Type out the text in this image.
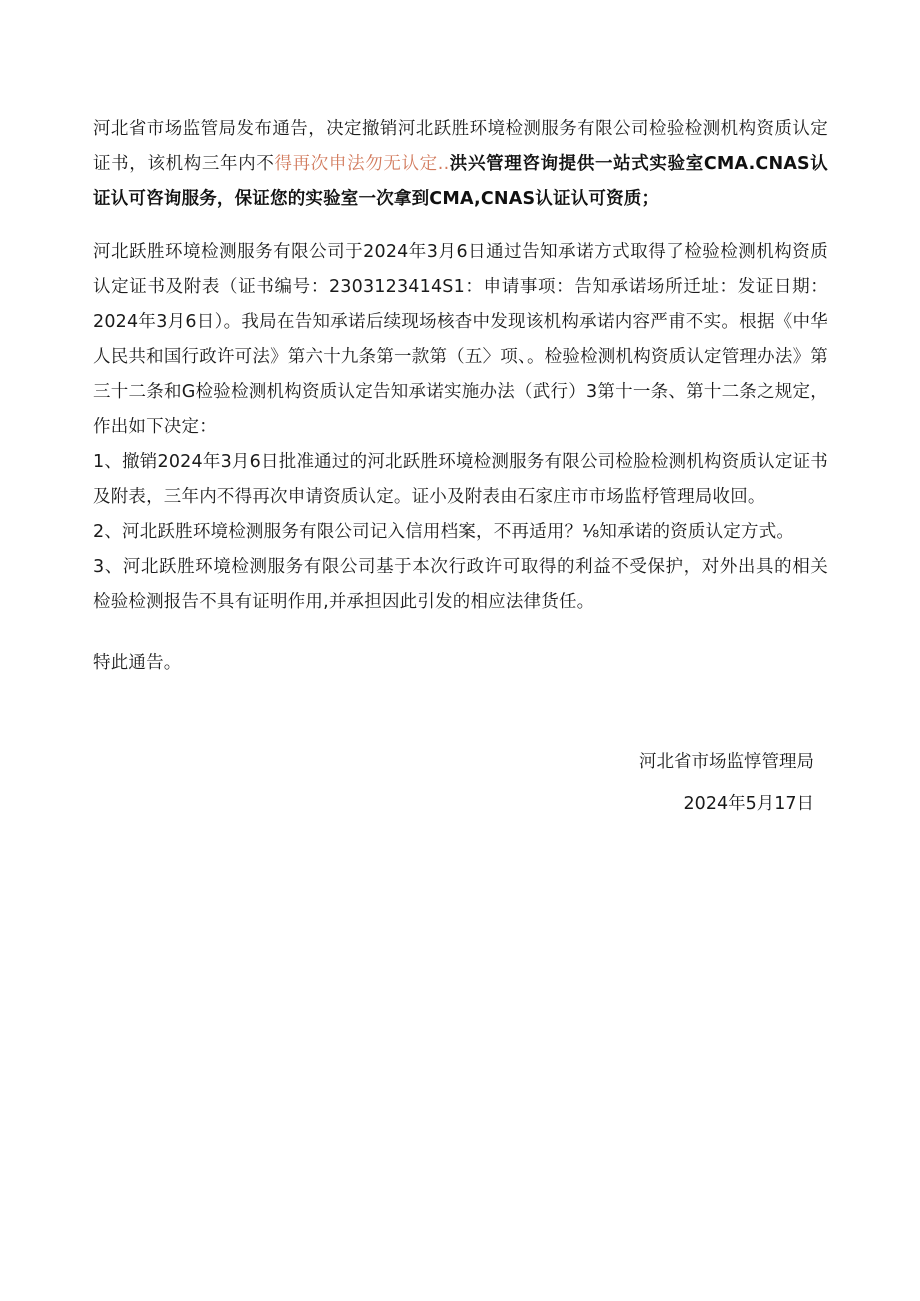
河北省市场监管局发布通告，决定撤销河北跃胜环境检测服务有限公司检验检测机构资质认定证书，该机构三年内不得再次申法勿无认定..洪兴管理咨询提供一站式实验室CMA.CNAS认证认可咨询服务，保证您的实验室一次拿到CMA,CNAS认证认可资质；

河北跃胜环境检测服务有限公司于2024年3月6日通过告知承诺方式取得了检验检测机构资质认定证书及附表（证书编号：2303123414S1：申请事项：告知承诺场所迁址：发证日期：2024年3月6日）。我局在告知承诺后续现场核杳中发现该机构承诺内容严甫不实。根据《中华人民共和国行政许可法》第六十九条第一款第（五〉项、。检验检测机构资质认定管理办法》第三十二条和G检验检测机构资质认定告知承诺实施办法（武行）3第十一条、第十二条之规定，作出如下决定：

1、撤销2024年3月6日批准通过的河北跃胜环境检测服务有限公司检脸检测机构资质认定证书及附表，三年内不得再次申请资质认定。证小及附表由石家庄市市场监杼管理局收回。

2、河北跃胜环境检测服务有限公司记入信用档案，不再适用？⅛知承诺的资质认定方式。

3、河北跃胜环境检测服务有限公司基于本次行政许可取得的利益不受保护，对外出具的相关检验检测报告不具有证明作用,并承担因此引发的相应法律货任。

特此通告。

河北省市场监惇管理局
2024年5月17日
